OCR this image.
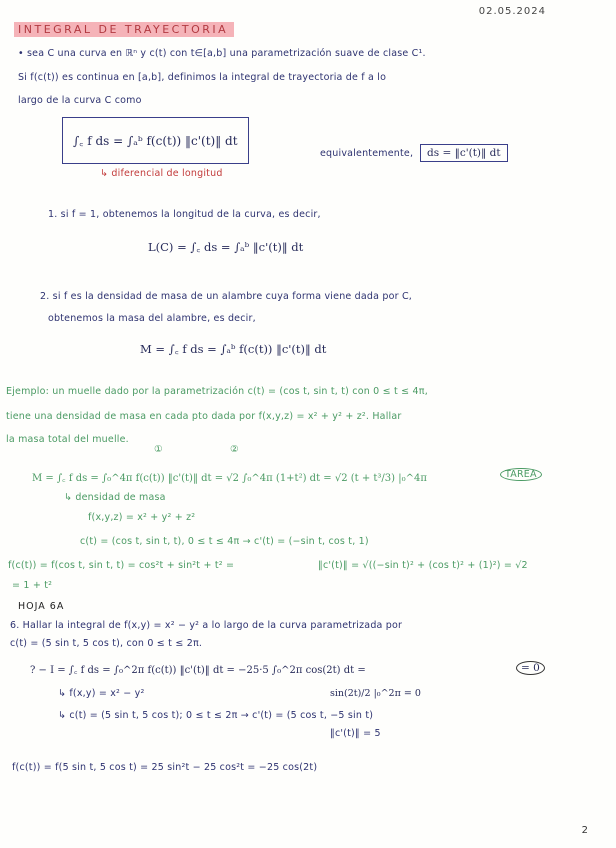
INTEGRAL DE TRAYECTORIA
02.05.2024
• sea C una curva en ℝⁿ y c(t) con t∈[a,b] una parametrización suave de clase C¹.
Si f(c(t)) es continua en [a,b], definimos la integral de trayectoria de f a lo
largo de la curva C como
∫꜀ f ds = ∫ₐᵇ f(c(t)) ‖c'(t)‖ dt
↳ diferencial de longitud
equivalentemente,	ds = ‖c'(t)‖ dt
1. si f = 1, obtenemos la longitud de la curva, es decir,
L(C) = ∫꜀ ds = ∫ₐᵇ ‖c'(t)‖ dt
2. si f es la densidad de masa de un alambre cuya forma viene dada por C,
obtenemos la masa del alambre, es decir,
M = ∫꜀ f ds = ∫ₐᵇ f(c(t)) ‖c'(t)‖ dt
Ejemplo: un muelle dado por la parametrización c(t) = (cos t, sin t, t) con 0 ≤ t ≤ 4π,
tiene una densidad de masa en cada pto dada por f(x,y,z) = x² + y² + z². Hallar
la masa total del muelle.
M = ∫꜀ f ds = ∫₀^4π f(c(t)) ‖c'(t)‖ dt = √2 ∫₀^4π (1+t²) dt = √2 (t + t³/3) |₀^4π	TAREA
①	②
↳ densidad de masa
f(x,y,z) = x² + y² + z²
c(t) = (cos t, sin t, t), 0 ≤ t ≤ 4π → c'(t) = (−sin t, cos t, 1)
f(c(t)) = f(cos t, sin t, t) = cos²t + sin²t + t² =	‖c'(t)‖ = √((−sin t)² + (cos t)² + (1)²) = √2
= 1 + t²
HOJA 6A
6. Hallar la integral de f(x,y) = x² − y² a lo largo de la curva parametrizada por
c(t) = (5 sin t, 5 cos t), con 0 ≤ t ≤ 2π.
? − I = ∫꜀ f ds = ∫₀^2π f(c(t)) ‖c'(t)‖ dt = −25·5 ∫₀^2π cos(2t) dt =	= 0
sin(2t)/2 |₀^2π = 0
↳ f(x,y) = x² − y²
↳ c(t) = (5 sin t, 5 cos t); 0 ≤ t ≤ 2π → c'(t) = (5 cos t, −5 sin t)
‖c'(t)‖ = 5
f(c(t)) = f(5 sin t, 5 cos t) = 25 sin²t − 25 cos²t = −25 cos(2t)
2
